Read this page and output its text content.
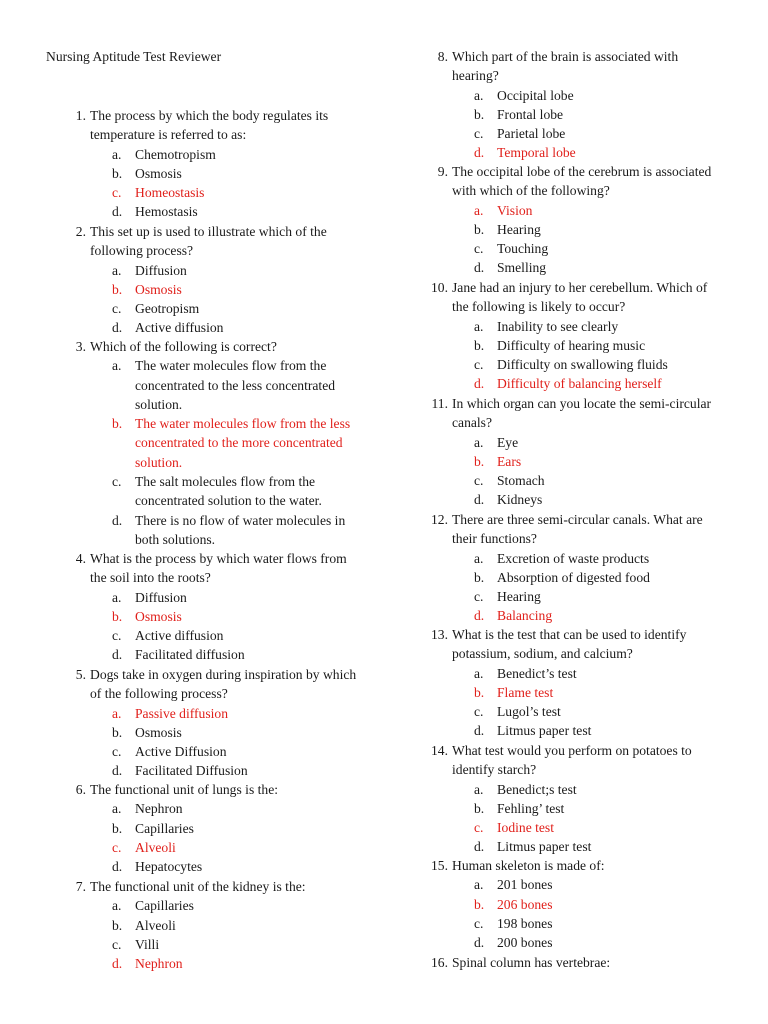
Nursing Aptitude Test Reviewer
1. The process by which the body regulates its temperature is referred to as:
a. Chemotropism
b. Osmosis
c. Homeostasis
d. Hemostasis
2. This set up is used to illustrate which of the following process?
a. Diffusion
b. Osmosis
c. Geotropism
d. Active diffusion
3. Which of the following is correct?
a. The water molecules flow from the concentrated to the less concentrated solution.
b. The water molecules flow from the less concentrated to the more concentrated solution.
c. The salt molecules flow from the concentrated solution to the water.
d. There is no flow of water molecules in both solutions.
4. What is the process by which water flows from the soil into the roots?
a. Diffusion
b. Osmosis
c. Active diffusion
d. Facilitated diffusion
5. Dogs take in oxygen during inspiration by which of the following process?
a. Passive diffusion
b. Osmosis
c. Active Diffusion
d. Facilitated Diffusion
6. The functional unit of lungs is the:
a. Nephron
b. Capillaries
c. Alveoli
d. Hepatocytes
7. The functional unit of the kidney is the:
a. Capillaries
b. Alveoli
c. Villi
d. Nephron
8. Which part of the brain is associated with hearing?
a. Occipital lobe
b. Frontal lobe
c. Parietal lobe
d. Temporal lobe
9. The occipital lobe of the cerebrum is associated with which of the following?
a. Vision
b. Hearing
c. Touching
d. Smelling
10. Jane had an injury to her cerebellum. Which of the following is likely to occur?
a. Inability to see clearly
b. Difficulty of hearing music
c. Difficulty on swallowing fluids
d. Difficulty of balancing herself
11. In which organ can you locate the semi-circular canals?
a. Eye
b. Ears
c. Stomach
d. Kidneys
12. There are three semi-circular canals. What are their functions?
a. Excretion of waste products
b. Absorption of digested food
c. Hearing
d. Balancing
13. What is the test that can be used to identify potassium, sodium, and calcium?
a. Benedict’s test
b. Flame test
c. Lugol’s test
d. Litmus paper test
14. What test would you perform on potatoes to identify starch?
a. Benedict;s test
b. Fehling’ test
c. Iodine test
d. Litmus paper test
15. Human skeleton is made of:
a. 201 bones
b. 206 bones
c. 198 bones
d. 200 bones
16. Spinal column has vertebrae:
